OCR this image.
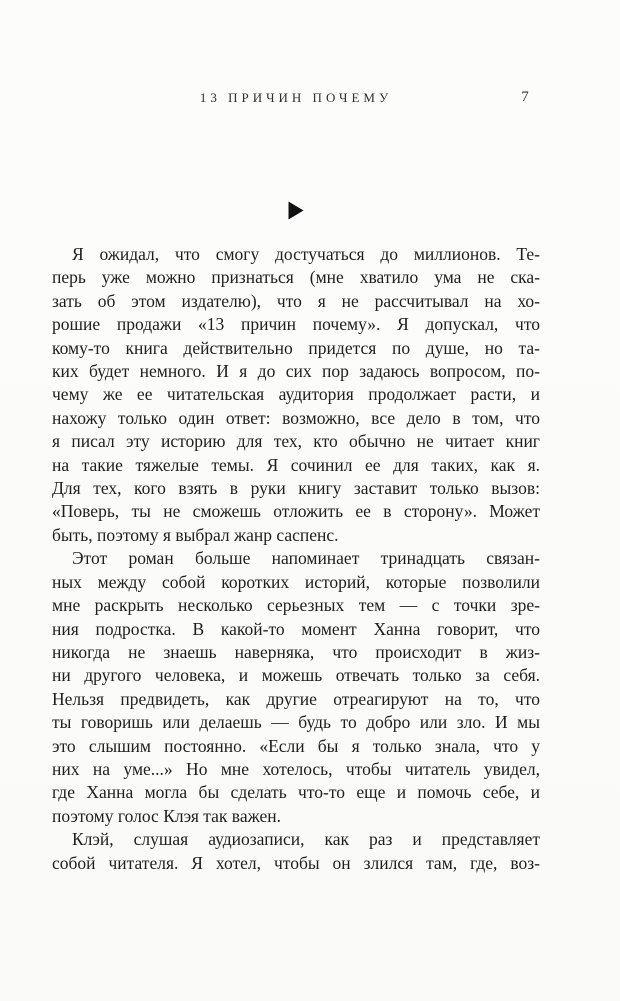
13 ПРИЧИН ПОЧЕМУ	7
Я ожидал, что смогу достучаться до миллионов. Те-
перь уже можно признаться (мне хватило ума не ска-
зать об этом издателю), что я не рассчитывал на хо-
рошие продажи «13 причин почему». Я допускал, что
кому-то книга действительно придется по душе, но та-
ких будет немного. И я до сих пор задаюсь вопросом, по-
чему же ее читательская аудитория продолжает расти, и
нахожу только один ответ: возможно, все дело в том, что
я писал эту историю для тех, кто обычно не читает книг
на такие тяжелые темы. Я сочинил ее для таких, как я.
Для тех, кого взять в руки книгу заставит только вызов:
«Поверь, ты не сможешь отложить ее в сторону». Может
быть, поэтому я выбрал жанр саспенс.
Этот роман больше напоминает тринадцать связан-
ных между собой коротких историй, которые позволили
мне раскрыть несколько серьезных тем — с точки зре-
ния подростка. В какой-то момент Ханна говорит, что
никогда не знаешь наверняка, что происходит в жиз-
ни другого человека, и можешь отвечать только за себя.
Нельзя предвидеть, как другие отреагируют на то, что
ты говоришь или делаешь — будь то добро или зло. И мы
это слышим постоянно. «Если бы я только знала, что у
них на уме...» Но мне хотелось, чтобы читатель увидел,
где Ханна могла бы сделать что-то еще и помочь себе, и
поэтому голос Клэя так важен.
Клэй, слушая аудиозаписи, как раз и представляет
собой читателя. Я хотел, чтобы он злился там, где, воз-
